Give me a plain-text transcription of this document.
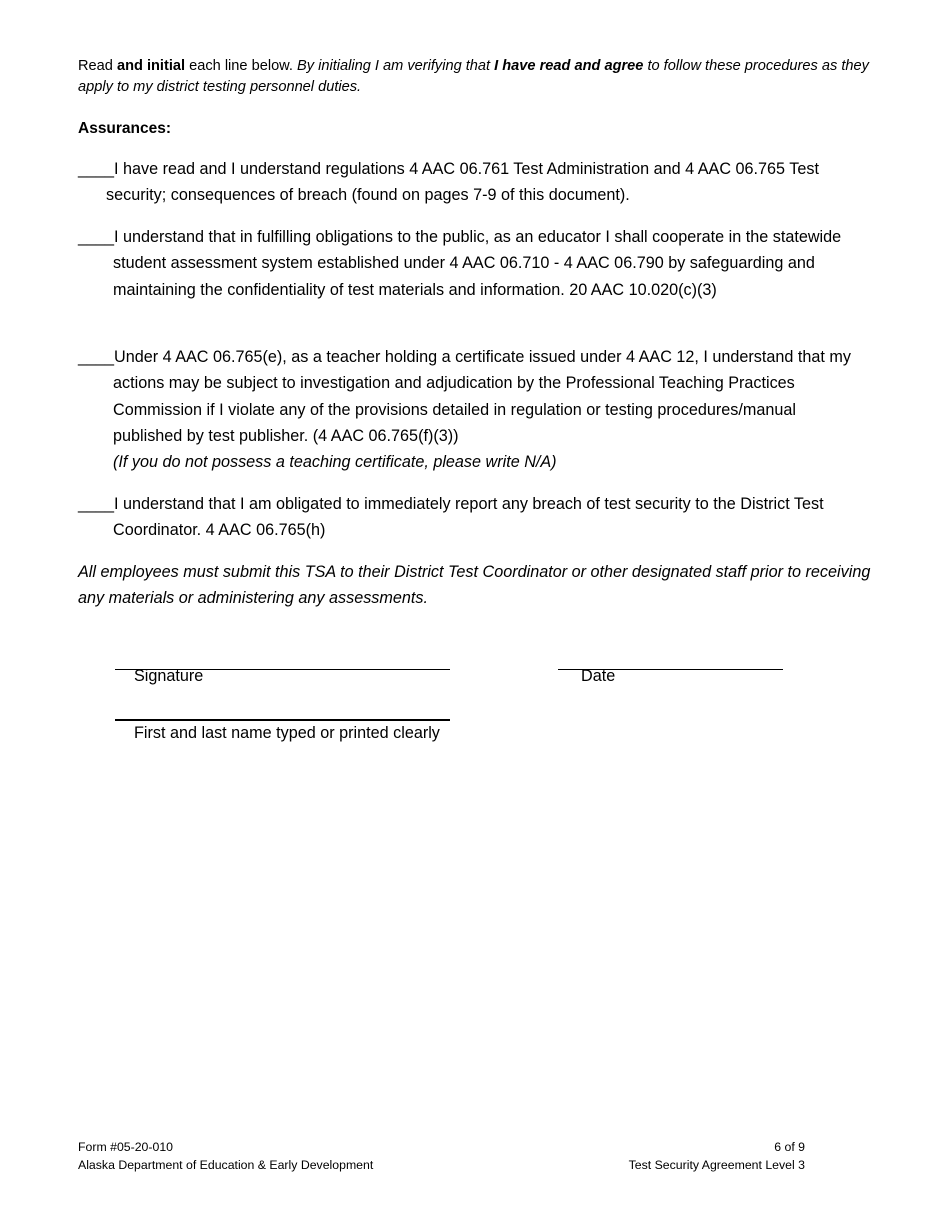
Read and initial each line below. By initialing I am verifying that I have read and agree to follow these procedures as they apply to my district testing personnel duties.
Assurances:
____I have read and I understand regulations 4 AAC 06.761 Test Administration and 4 AAC 06.765 Test security; consequences of breach (found on pages 7-9 of this document).
____I understand that in fulfilling obligations to the public, as an educator I shall cooperate in the statewide student assessment system established under 4 AAC 06.710 - 4 AAC 06.790 by safeguarding and maintaining the confidentiality of test materials and information. 20 AAC 10.020(c)(3)
____Under 4 AAC 06.765(e), as a teacher holding a certificate issued under 4 AAC 12, I understand that my actions may be subject to investigation and adjudication by the Professional Teaching Practices Commission if I violate any of the provisions detailed in regulation or testing procedures/manual published by test publisher. (4 AAC 06.765(f)(3))
(If you do not possess a teaching certificate, please write N/A)
____I understand that I am obligated to immediately report any breach of test security to the District Test Coordinator. 4 AAC 06.765(h)
All employees must submit this TSA to their District Test Coordinator or other designated staff prior to receiving any materials or administering any assessments.
Signature	Date
First and last name typed or printed clearly
Form #05-20-010
Alaska Department of Education & Early Development
6 of 9
Test Security Agreement Level 3
